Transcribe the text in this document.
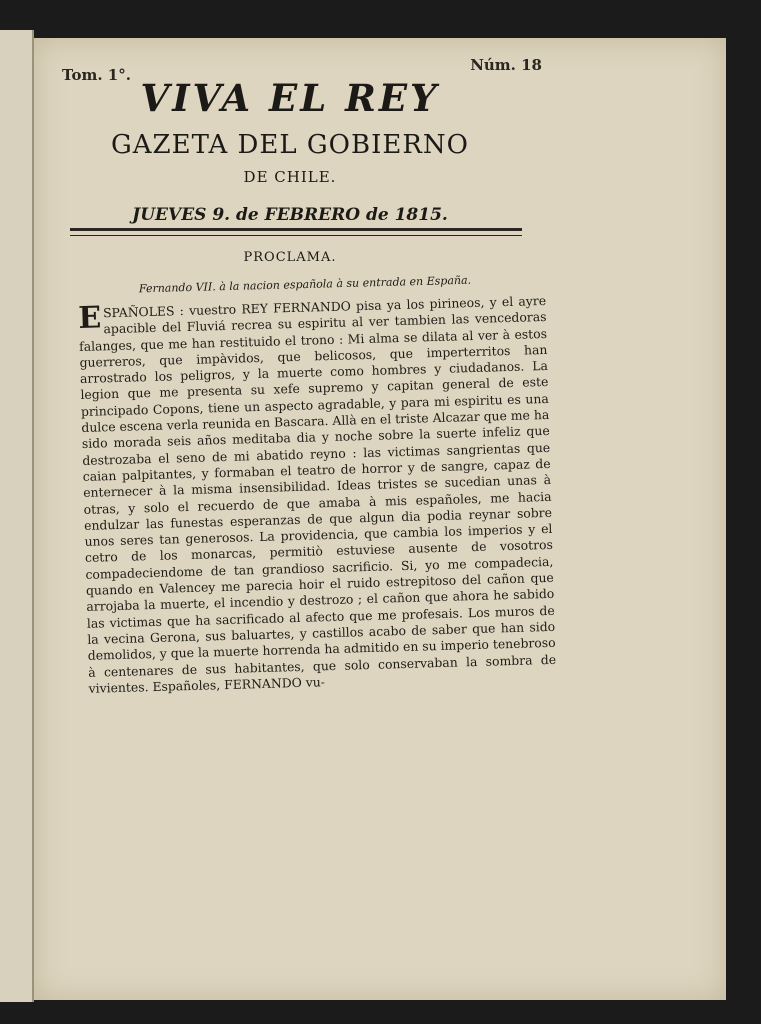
Tom. 1°.
Núm. 18
VIVA EL REY
GAZETA DEL GOBIERNO
DE CHILE.
JUEVES 9. de FEBRERO de 1815.
PROCLAMA.
Fernando VII. à la nacion española à su entrada en España.
ESPAÑOLES : vuestro REY FERNANDO pisa ya los pirineos, y el ayre apacible del Fluviá recrea su espiritu al ver tambien las vencedoras falanges, que me han restituido el trono : Mi alma se dilata al ver à estos guerreros, que impàvidos, que belicosos, que imperterritos han arrostrado los peligros, y la muerte como hombres y ciudadanos. La legion que me presenta su xefe supremo y capitan general de este principado Copons, tiene un aspecto agradable, y para mi espiritu es una dulce escena verla reunida en Bascara. Allà en el triste Alcazar que me ha sido morada seis años meditaba dia y noche sobre la suerte infeliz que destrozaba el seno de mi abatido reyno : las victimas sangrientas que caian palpitantes, y formaban el teatro de horror y de sangre, capaz de enternecer à la misma insensibilidad. Ideas tristes se sucedian unas à otras, y solo el recuerdo de que amaba à mis españoles, me hacia endulzar las funestas esperanzas de que algun dia podia reynar sobre unos seres tan generosos. La providencia, que cambia los imperios y el cetro de los monarcas, permitiò estuviese ausente de vosotros compadeciendome de tan grandioso sacrificio. Si, yo me compadecia, quando en Valencey me parecia hoir el ruido estrepitoso del cañon que arrojaba la muerte, el incendio y destrozo ; el cañon que ahora he sabido las victimas que ha sacrificado al afecto que me profesais. Los muros de la vecina Gerona, sus baluartes, y castillos acabo de saber que han sido demolidos, y que la muerte horrenda ha admitido en su imperio tenebroso à centenares de sus habitantes, que solo conservaban la sombra de vivientes. Españoles, FERNANDO vu-
